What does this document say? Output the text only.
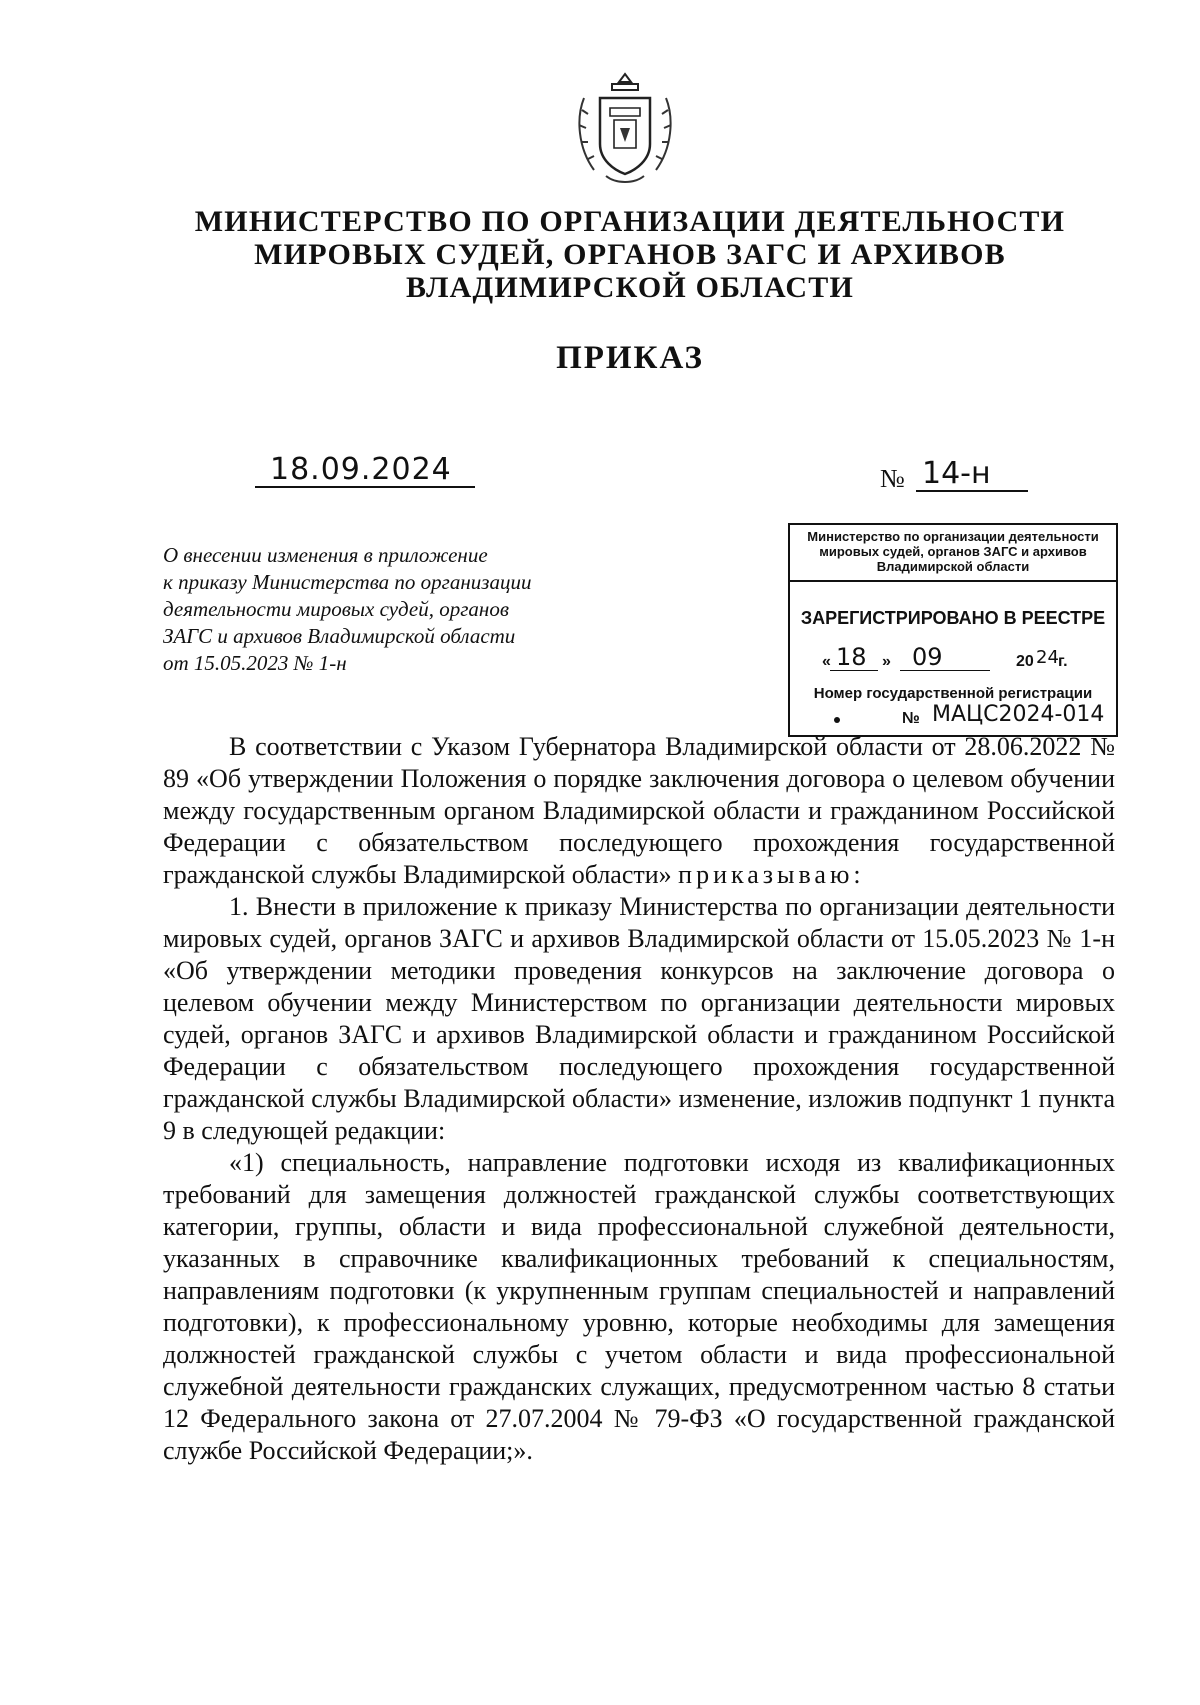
МИНИСТЕРСТВО ПО ОРГАНИЗАЦИИ ДЕЯТЕЛЬНОСТИ
МИРОВЫХ СУДЕЙ, ОРГАНОВ ЗАГС И АРХИВОВ
ВЛАДИМИРСКОЙ ОБЛАСТИ
ПРИКАЗ
18.09.2024	№ 14-н
О внесении изменения в приложение
к приказу Министерства по организации
деятельности мировых судей, органов
ЗАГС и архивов Владимирской области
от 15.05.2023 № 1-н
Министерство по организации деятельности
мировых судей, органов ЗАГС и архивов
Владимирской области
ЗАРЕГИСТРИРОВАНО В РЕЕСТРЕ
« 18 » 09	20 24 г.
Номер государственной регистрации
№ МАЦС2024-014

В соответствии с Указом Губернатора Владимирской области от 28.06.2022 № 89 «Об утверждении Положения о порядке заключения договора о целевом обучении между государственным органом Владимирской области и гражданином Российской Федерации с обязательством последующего прохождения государственной гражданской службы Владимирской области» приказываю:

1. Внести в приложение к приказу Министерства по организации деятельности мировых судей, органов ЗАГС и архивов Владимирской области от 15.05.2023 № 1-н «Об утверждении методики проведения конкурсов на заключение договора о целевом обучении между Министерством по организации деятельности мировых судей, органов ЗАГС и архивов Владимирской области и гражданином Российской Федерации с обязательством последующего прохождения государственной гражданской службы Владимирской области» изменение, изложив подпункт 1 пункта 9 в следующей редакции:

«1) специальность, направление подготовки исходя из квалификационных требований для замещения должностей гражданской службы соответствующих категории, группы, области и вида профессиональной служебной деятельности, указанных в справочнике квалификационных требований к специальностям, направлениям подготовки (к укрупненным группам специальностей и направлений подготовки), к профессиональному уровню, которые необходимы для замещения должностей гражданской службы с учетом области и вида профессиональной служебной деятельности гражданских служащих, предусмотренном частью 8 статьи 12 Федерального закона от 27.07.2004 № 79-ФЗ «О государственной гражданской службе Российской Федерации;».
